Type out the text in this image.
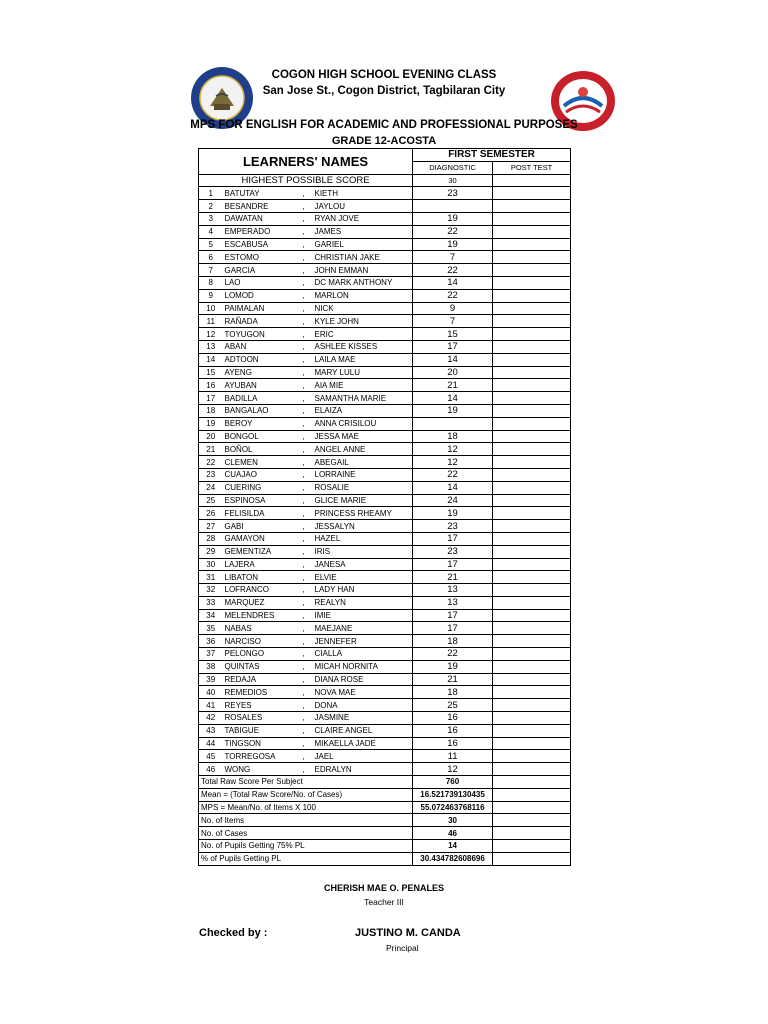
COGON HIGH SCHOOL EVENING CLASS
San Jose St., Cogon District, Tagbilaran City
MPS FOR ENGLISH FOR ACADEMIC AND PROFESSIONAL PURPOSES
GRADE 12-ACOSTA
LEARNERS' NAMES				FIRST SEMESTER	
				DIAGNOSTIC	POST TEST
HIGHEST POSSIBLE SCORE				30	
1	BATUTAY	,	KIETH	23	
2	BESANDRE	,	JAYLOU		
3	DAWATAN	,	RYAN JOVE	19	
4	EMPERADO	,	JAMES	22	
5	ESCABUSA	,	GARIEL	19	
6	ESTOMO	,	CHRISTIAN JAKE	7	
7	GARCIA	,	JOHN EMMAN	22	
8	LAO	,	DC MARK ANTHONY	14	
9	LOMOD	,	MARLON	22	
10	PAIMALAN	,	NICK	9	
11	RAÑADA	,	KYLE JOHN	7	
12	TOYUGON	,	ERIC	15	
13	ABAN	,	ASHLEE KISSES	17	
14	ADTOON	,	LAILA MAE	14	
15	AYENG	,	MARY LULU	20	
16	AYUBAN	,	AIA MIE	21	
17	BADILLA	,	SAMANTHA MARIE	14	
18	BANGALAO	,	ELAIZA	19	
19	BEROY	,	ANNA CRISILOU		
20	BONGOL	,	JESSA MAE	18	
21	BOÑOL	,	ANGEL ANNE	12	
22	CLEMEN	,	ABEGAIL	12	
23	CUAJAO	,	LORRAINE	22	
24	CUERING	,	ROSALIE	14	
25	ESPINOSA	,	GLICE MARIE	24	
26	FELISILDA	,	PRINCESS RHEAMY	19	
27	GABI	,	JESSALYN	23	
28	GAMAYON	,	HAZEL	17	
29	GEMENTIZA	,	IRIS	23	
30	LAJERA	,	JANESA	17	
31	LIBATON	,	ELVIE	21	
32	LOFRANCO	,	LADY HAN	13	
33	MARQUEZ	,	REALYN	13	
34	MELENDRES	,	IMIE	17	
35	NABAS	,	MAEJANE	17	
36	NARCISO	,	JENNEFER	18	
37	PELONGO	,	CIALLA	22	
38	QUINTAS	,	MICAH NORNITA	19	
39	REDAJA	,	DIANA ROSE	21	
40	REMEDIOS	,	NOVA MAE	18	
41	REYES	,	DONA	25	
42	ROSALES	,	JASMINE	16	
43	TABIGUE	,	CLAIRE ANGEL	16	
44	TINGSON	,	MIKAELLA JADE	16	
45	TORREGOSA	,	JAEL	11	
46	WONG	,	EDRALYN	12	
Total Raw Score Per Subject				760	
Mean = (Total Raw Score/No. of Cases)				16.521739130435	
MPS = Mean/No. of Items X 100				55.072463768116	
No. of Items				30	
No. of Cases				46	
No. of Pupils Getting 75% PL				14	
% of Pupils Getting PL				30.434782608696	
CHERISH MAE O. PENALES
Teacher III
Checked by :	JUSTINO M. CANDA
Principal
